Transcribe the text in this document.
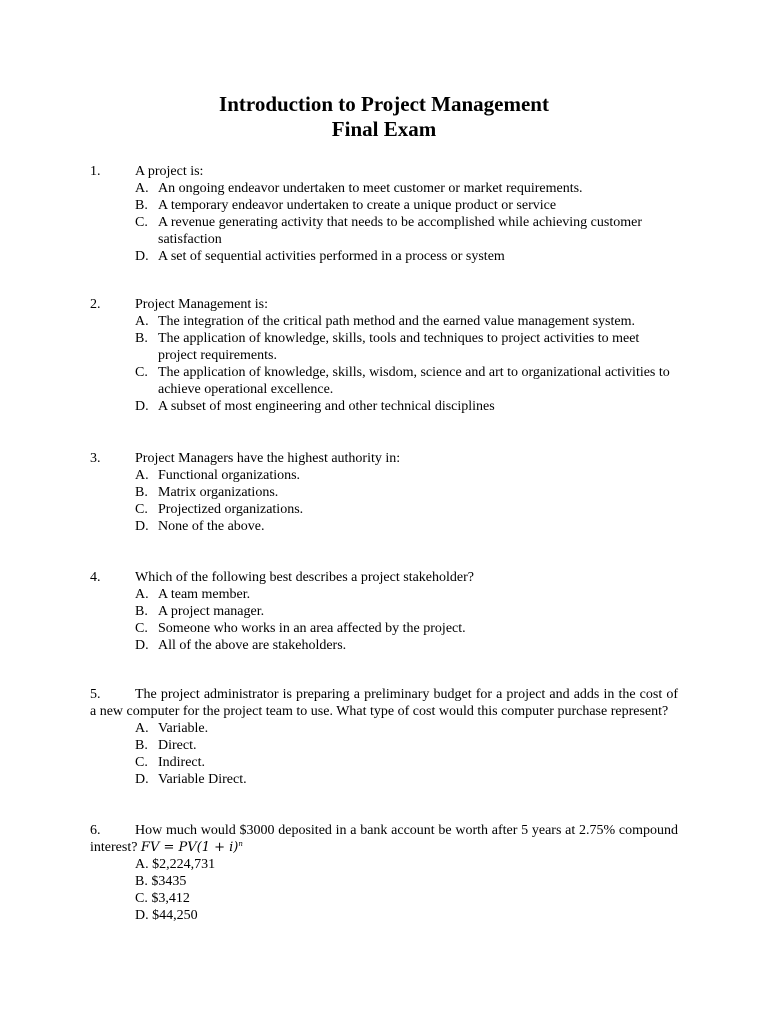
Introduction to Project Management
Final Exam
1. A project is:
A. An ongoing endeavor undertaken to meet customer or market requirements.
B. A temporary endeavor undertaken to create a unique product or service
C. A revenue generating activity that needs to be accomplished while achieving customer satisfaction
D. A set of sequential activities performed in a process or system
2. Project Management is:
A. The integration of the critical path method and the earned value management system.
B. The application of knowledge, skills, tools and techniques to project activities to meet project requirements.
C. The application of knowledge, skills, wisdom, science and art to organizational activities to achieve operational excellence.
D. A subset of most engineering and other technical disciplines
3. Project Managers have the highest authority in:
A. Functional organizations.
B. Matrix organizations.
C. Projectized organizations.
D. None of the above.
4. Which of the following best describes a project stakeholder?
A. A team member.
B. A project manager.
C. Someone who works in an area affected by the project.
D. All of the above are stakeholders.
5. The project administrator is preparing a preliminary budget for a project and adds in the cost of a new computer for the project team to use. What type of cost would this computer purchase represent?
A. Variable.
B. Direct.
C. Indirect.
D. Variable Direct.
6. How much would $3000 deposited in a bank account be worth after 5 years at 2.75% compound interest? FV = $PV(1 + i)^n$
A. $2,224,731
B. $3435
C. $3,412
D. $44,250
